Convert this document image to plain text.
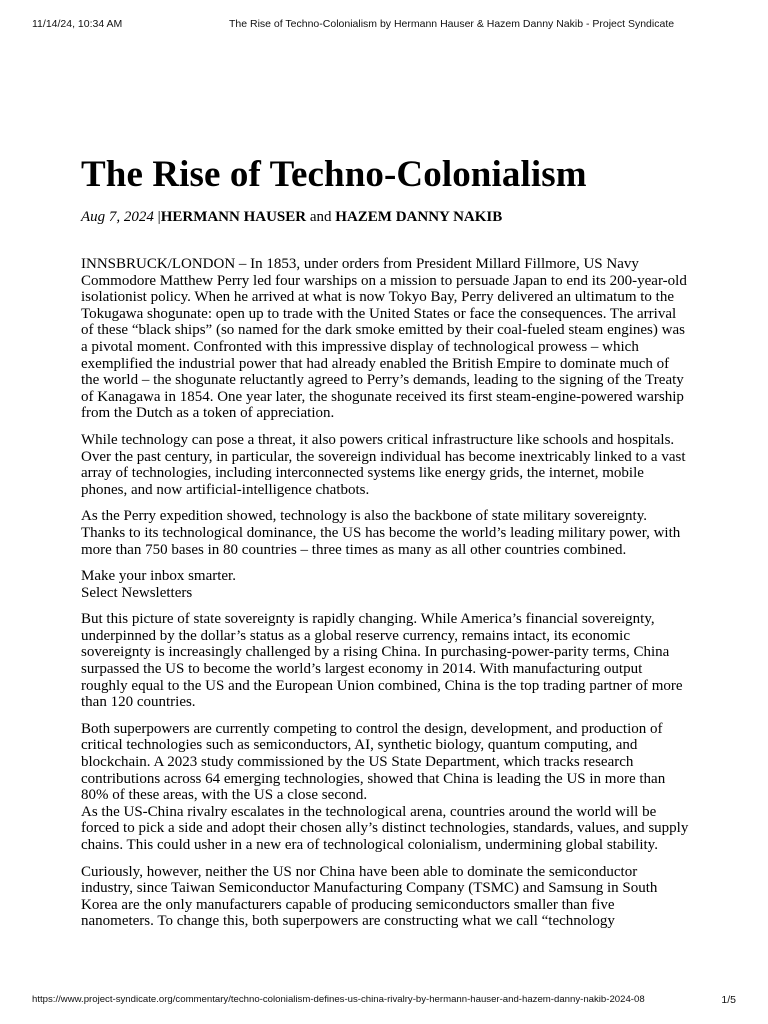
11/14/24, 10:34 AM	The Rise of Techno-Colonialism by Hermann Hauser & Hazem Danny Nakib - Project Syndicate
The Rise of Techno-Colonialism
Aug 7, 2024 |HERMANN HAUSER and HAZEM DANNY NAKIB

INNSBRUCK/LONDON – In 1853, under orders from President Millard Fillmore, US Navy Commodore Matthew Perry led four warships on a mission to persuade Japan to end its 200-year-old isolationist policy. When he arrived at what is now Tokyo Bay, Perry delivered an ultimatum to the Tokugawa shogunate: open up to trade with the United States or face the consequences. The arrival of these “black ships” (so named for the dark smoke emitted by their coal-fueled steam engines) was a pivotal moment. Confronted with this impressive display of technological prowess – which exemplified the industrial power that had already enabled the British Empire to dominate much of the world – the shogunate reluctantly agreed to Perry’s demands, leading to the signing of the Treaty of Kanagawa in 1854. One year later, the shogunate received its first steam-engine-powered warship from the Dutch as a token of appreciation.

While technology can pose a threat, it also powers critical infrastructure like schools and hospitals. Over the past century, in particular, the sovereign individual has become inextricably linked to a vast array of technologies, including interconnected systems like energy grids, the internet, mobile phones, and now artificial-intelligence chatbots.

As the Perry expedition showed, technology is also the backbone of state military sovereignty. Thanks to its technological dominance, the US has become the world’s leading military power, with more than 750 bases in 80 countries – three times as many as all other countries combined.

Make your inbox smarter.
Select Newsletters

But this picture of state sovereignty is rapidly changing. While America’s financial sovereignty, underpinned by the dollar’s status as a global reserve currency, remains intact, its economic sovereignty is increasingly challenged by a rising China. In purchasing-power-parity terms, China surpassed the US to become the world’s largest economy in 2014. With manufacturing output roughly equal to the US and the European Union combined, China is the top trading partner of more than 120 countries.

Both superpowers are currently competing to control the design, development, and production of critical technologies such as semiconductors, AI, synthetic biology, quantum computing, and blockchain. A 2023 study commissioned by the US State Department, which tracks research contributions across 64 emerging technologies, showed that China is leading the US in more than 80% of these areas, with the US a close second.

As the US-China rivalry escalates in the technological arena, countries around the world will be forced to pick a side and adopt their chosen ally’s distinct technologies, standards, values, and supply chains. This could usher in a new era of technological colonialism, undermining global stability.

Curiously, however, neither the US nor China have been able to dominate the semiconductor industry, since Taiwan Semiconductor Manufacturing Company (TSMC) and Samsung in South Korea are the only manufacturers capable of producing semiconductors smaller than five nanometers. To change this, both superpowers are constructing what we call “technology

https://www.project-syndicate.org/commentary/techno-colonialism-defines-us-china-rivalry-by-hermann-hauser-and-hazem-danny-nakib-2024-08	1/5
